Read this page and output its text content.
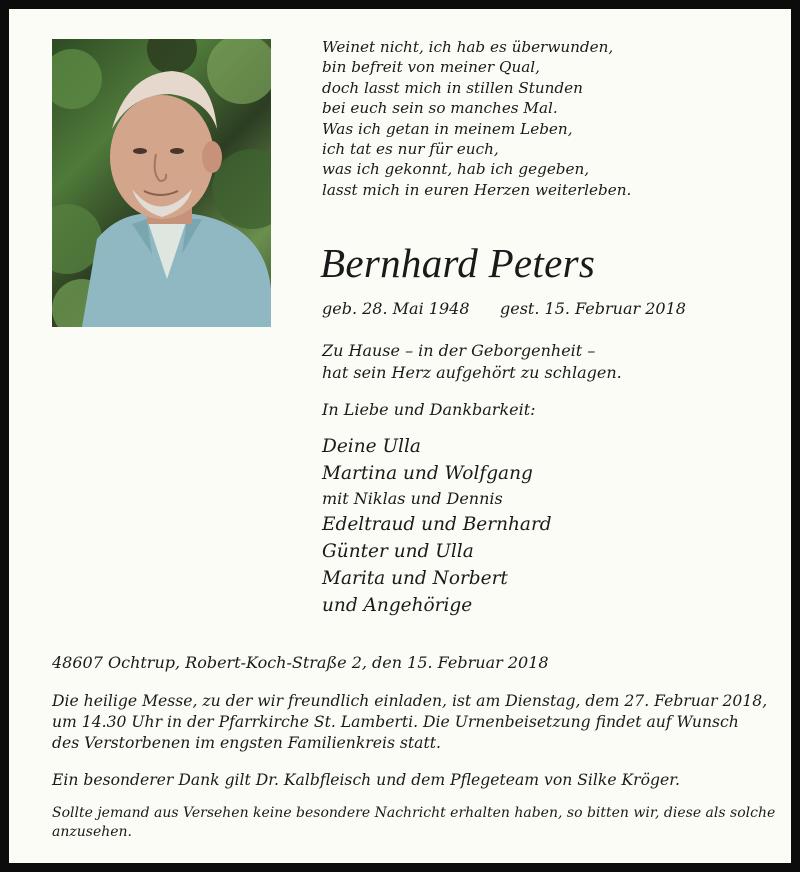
Weinet nicht, ich hab es überwunden,
bin befreit von meiner Qual,
doch lasst mich in stillen Stunden
bei euch sein so manches Mal.
Was ich getan in meinem Leben,
ich tat es nur für euch,
was ich gekonnt, hab ich gegeben,
lasst mich in euren Herzen weiterleben.
Bernhard Peters
geb. 28. Mai 1948 gest. 15. Februar 2018
Zu Hause – in der Geborgenheit –
hat sein Herz aufgehört zu schlagen.
In Liebe und Dankbarkeit:
Deine Ulla
Martina und Wolfgang
mit Niklas und Dennis
Edeltraud und Bernhard
Günter und Ulla
Marita und Norbert
und Angehörige
48607 Ochtrup, Robert-Koch-Straße 2, den 15. Februar 2018
Die heilige Messe, zu der wir freundlich einladen, ist am Dienstag, dem 27. Februar 2018,
um 14.30 Uhr in der Pfarrkirche St. Lamberti. Die Urnenbeisetzung findet auf Wunsch
des Verstorbenen im engsten Familienkreis statt.
Ein besonderer Dank gilt Dr. Kalbfleisch und dem Pflegeteam von Silke Kröger.
Sollte jemand aus Versehen keine besondere Nachricht erhalten haben, so bitten wir, diese als solche
anzusehen.
